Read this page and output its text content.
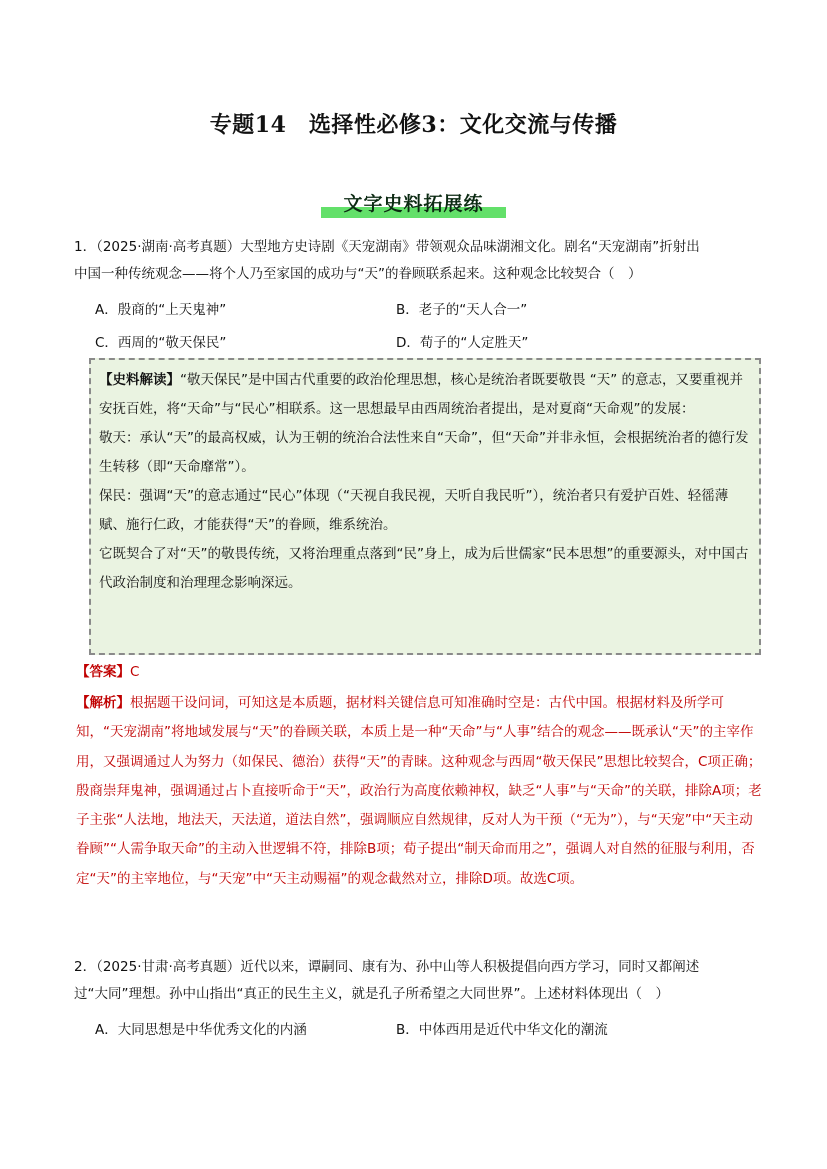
专题14　选择性必修3：文化交流与传播
文字史料拓展练
1．（2025·湖南·高考真题）大型地方史诗剧《天宠湖南》带领观众品味湖湘文化。剧名“天宠湖南”折射出
中国一种传统观念——将个人乃至家国的成功与“天”的眷顾联系起来。这种观念比较契合（　）
A．殷商的“上天鬼神”	B．老子的“天人合一”
C．西周的“敬天保民”	D．荀子的“人定胜天”

【史料解读】“敬天保民”是中国古代重要的政治伦理思想，核心是统治者既要敬畏 “天” 的意志，又要重视并安抚百姓，将“天命”与“民心”相联系。这一思想最早由西周统治者提出，是对夏商“天命观”的发展：

敬天：承认“天”的最高权威，认为王朝的统治合法性来自“天命”，但“天命”并非永恒，会根据统治者的德行发生转移（即“天命靡常”）。

保民：强调“天”的意志通过“民心”体现（“天视自我民视，天听自我民听”），统治者只有爱护百姓、轻徭薄赋、施行仁政，才能获得“天”的眷顾，维系统治。

它既契合了对“天”的敬畏传统，又将治理重点落到“民”身上，成为后世儒家“民本思想”的重要源头，对中国古代政治制度和治理理念影响深远。

【答案】C
【解析】根据题干设问词，可知这是本质题，据材料关键信息可知准确时空是：古代中国。根据材料及所学可知，“天宠湖南”将地域发展与“天”的眷顾关联，本质上是一种“天命”与“人事”结合的观念——既承认“天”的主宰作用，又强调通过人为努力（如保民、德治）获得“天”的青睐。这种观念与西周“敬天保民”思想比较契合，C项正确；殷商崇拜鬼神，强调通过占卜直接听命于“天”，政治行为高度依赖神权，缺乏“人事”与“天命”的关联，排除A项；老子主张“人法地，地法天，天法道，道法自然”，强调顺应自然规律，反对人为干预（“无为”），与“天宠”中“天主动眷顾”“人需争取天命”的主动入世逻辑不符，排除B项；荀子提出“制天命而用之”，强调人对自然的征服与利用，否定“天”的主宰地位，与“天宠”中“天主动赐福”的观念截然对立，排除D项。故选C项。
2．（2025·甘肃·高考真题）近代以来，谭嗣同、康有为、孙中山等人积极提倡向西方学习，同时又都阐述
过“大同”理想。孙中山指出“真正的民生主义，就是孔子所希望之大同世界”。上述材料体现出（　）
A．大同思想是中华优秀文化的内涵	B．中体西用是近代中华文化的潮流
